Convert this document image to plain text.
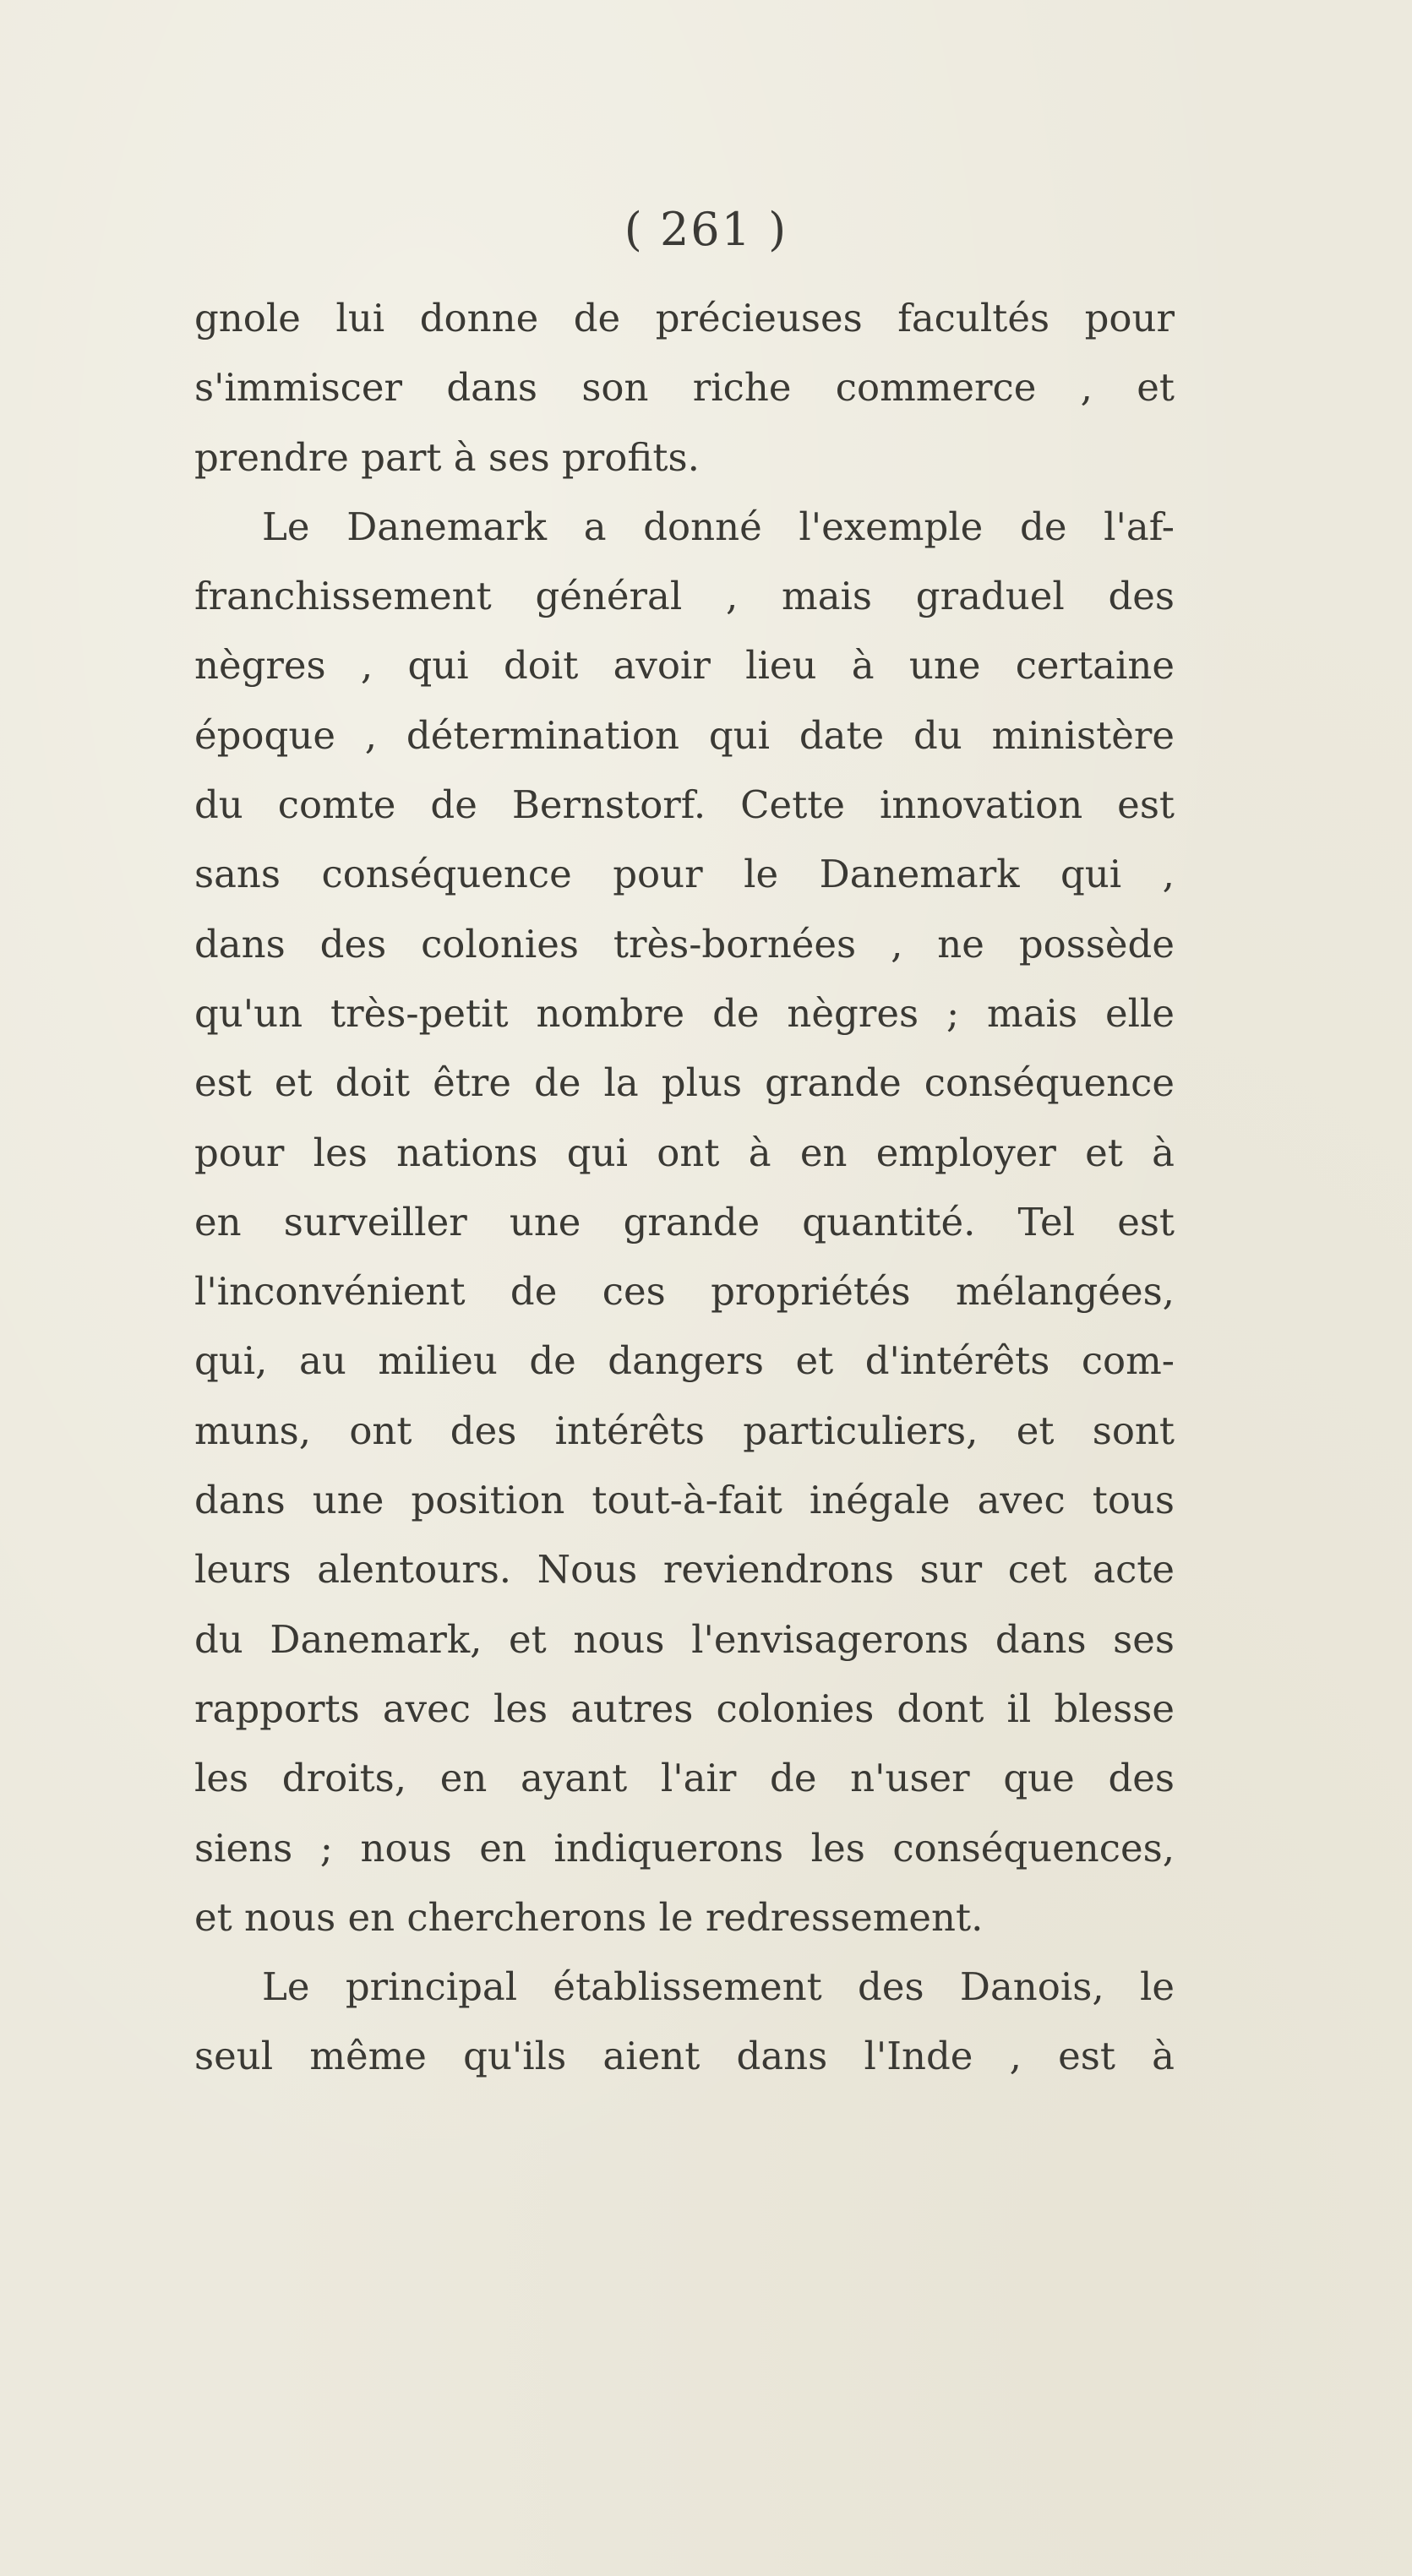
( 261 )
gnole lui donne de précieuses facultés pour
s'immiscer dans son riche commerce , et
prendre part à ses profits.
Le Danemark a donné l'exemple de l'af-
franchissement général , mais graduel des
nègres , qui doit avoir lieu à une certaine
époque , détermination qui date du ministère
du comte de Bernstorf. Cette innovation est
sans conséquence pour le Danemark qui ,
dans des colonies très-bornées , ne possède
qu'un très-petit nombre de nègres ; mais elle
est et doit être de la plus grande conséquence
pour les nations qui ont à en employer et à
en surveiller une grande quantité. Tel est
l'inconvénient de ces propriétés mélangées,
qui, au milieu de dangers et d'intérêts com-
muns, ont des intérêts particuliers, et sont
dans une position tout-à-fait inégale avec tous
leurs alentours. Nous reviendrons sur cet acte
du Danemark, et nous l'envisagerons dans ses
rapports avec les autres colonies dont il blesse
les droits, en ayant l'air de n'user que des
siens ; nous en indiquerons les conséquences,
et nous en chercherons le redressement.
Le principal établissement des Danois, le
seul même qu'ils aient dans l'Inde , est à
